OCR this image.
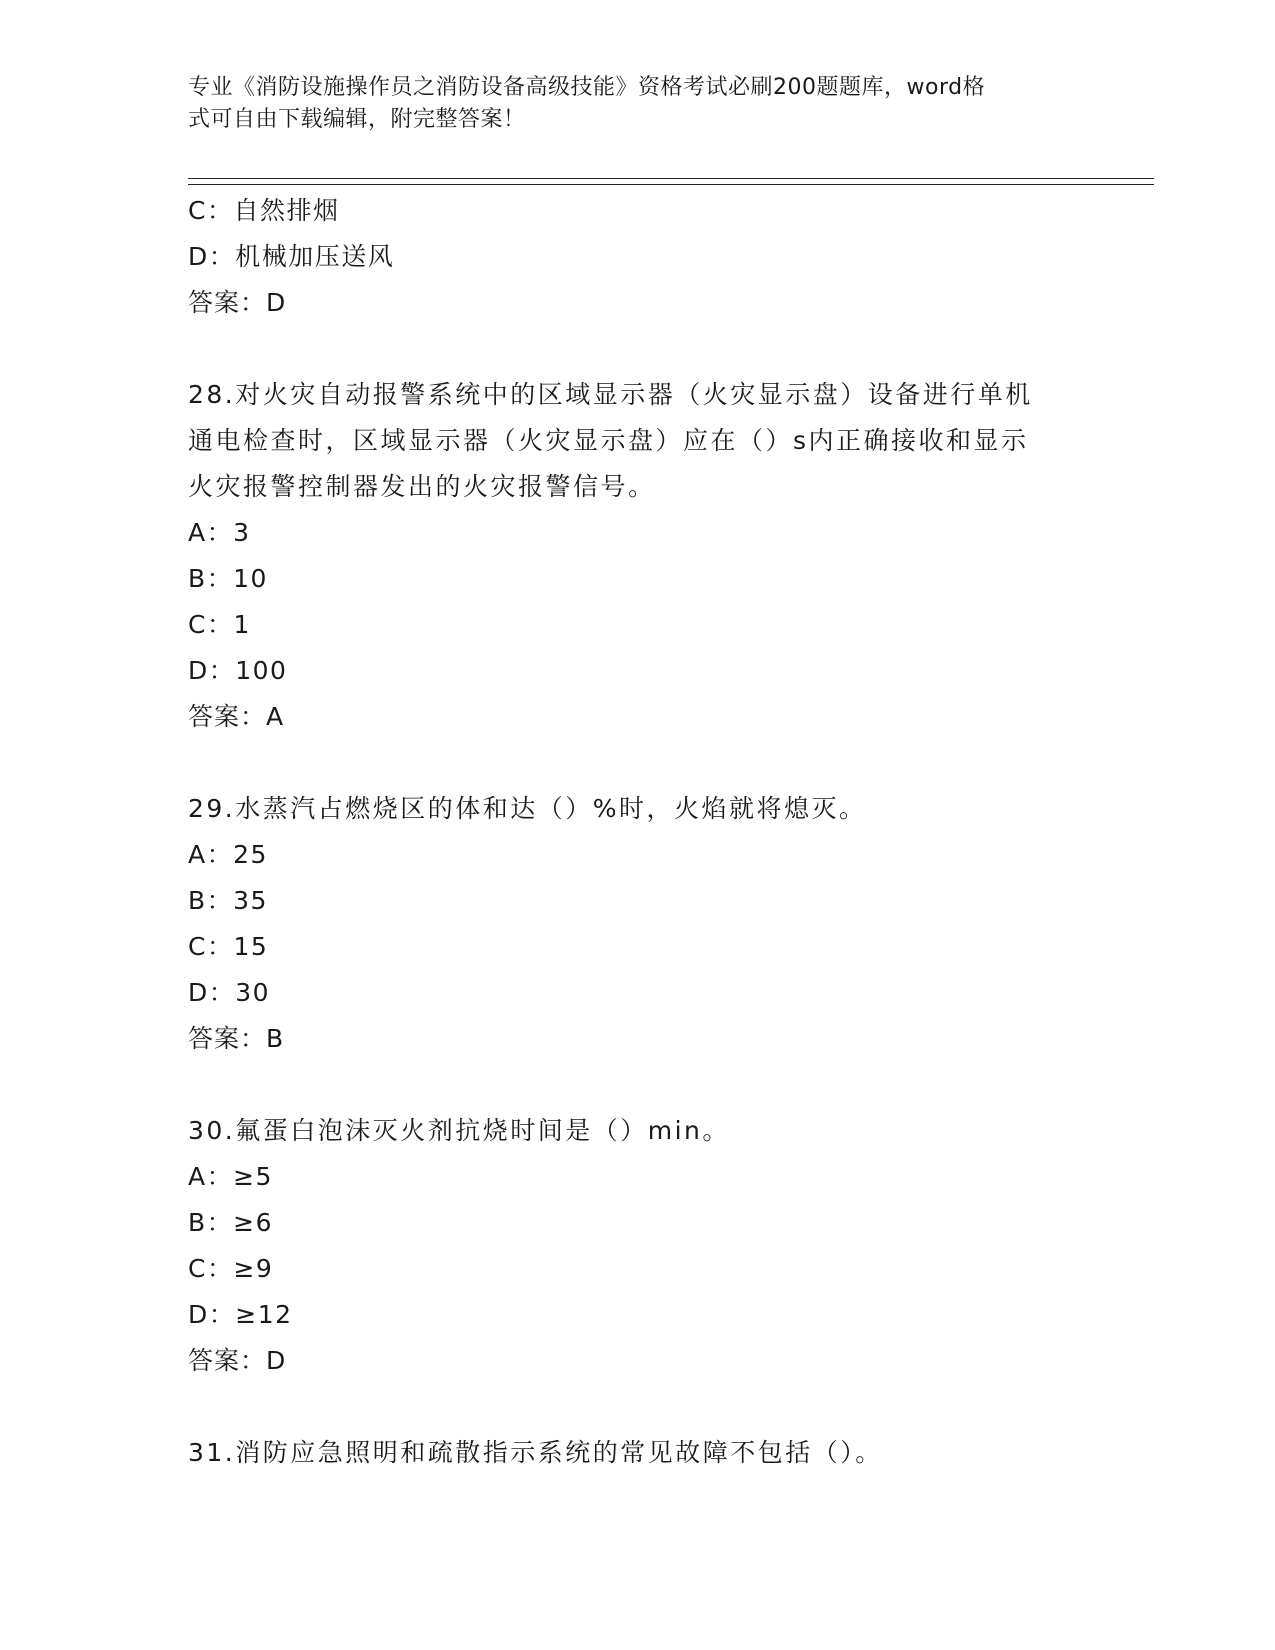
专业《消防设施操作员之消防设备高级技能》资格考试必刷200题题库，word格
式可自由下载编辑，附完整答案！
C：自然排烟
D：机械加压送风
答案：D
28.对火灾自动报警系统中的区域显示器（火灾显示盘）设备进行单机
通电检查时，区域显示器（火灾显示盘）应在（）s内正确接收和显示
火灾报警控制器发出的火灾报警信号。
A：3
B：10
C：1
D：100
答案：A
29.水蒸汽占燃烧区的体和达（）%时，火焰就将熄灭。
A：25
B：35
C：15
D：30
答案：B
30.氟蛋白泡沫灭火剂抗烧时间是（）min。
A：≥5
B：≥6
C：≥9
D：≥12
答案：D
31.消防应急照明和疏散指示系统的常见故障不包括（）。
